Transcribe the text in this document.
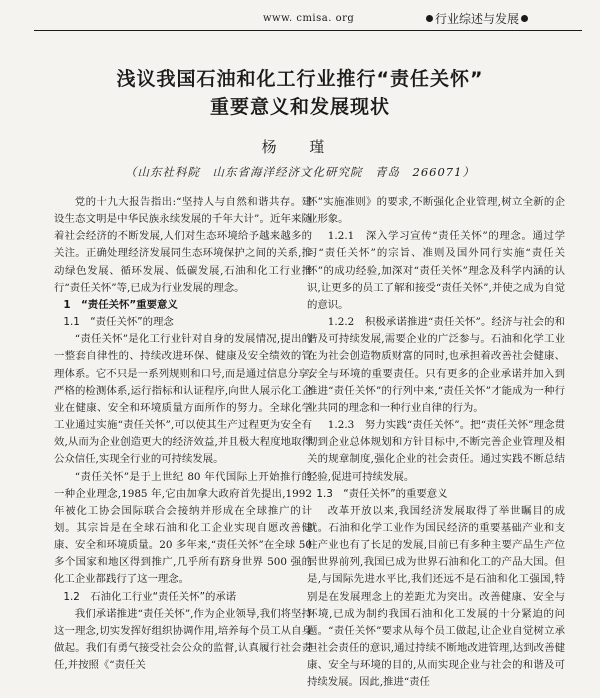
www. cmisa. org	行业综述与发展
浅议我国石油和化工行业推行“责任关怀”
重要意义和发展现状
杨 瑾
（山东社科院　山东省海洋经济文化研究院　青岛　266071）

党的十九大报告指出:“坚持人与自然和谐共存。建设生态文明是中华民族永续发展的千年大计”。近年来随着社会经济的不断发展,人们对生态环境给予越来越多的关注。正确处理经济发展同生态环境保护之间的关系,推动绿色发展、循环发展、低碳发展,石油和化工行业推行“责任关怀”等,已成为行业发展的理念。

1　“责任关怀”重要意义

1.1　“责任关怀”的理念

“责任关怀”是化工行业针对自身的发展情况,提出的一整套自律性的、持续改进环保、健康及安全绩效的管理体系。它不只是一系列规则和口号,而是通过信息分享,严格的检测体系,运行指标和认证程序,向世人展示化工企业在健康、安全和环境质量方面所作的努力。全球化学工业通过实施“责任关怀”,可以使其生产过程更为安全有效,从而为企业创造更大的经济效益,并且极大程度地取得公众信任,实现全行业的可持续发展。

“责任关怀”是于上世纪 80 年代国际上开始推行的一种企业理念,1985 年,它由加拿大政府首先提出,1992 年被化工协会国际联合会接纳并形成在全球推广的计划。其宗旨是在全球石油和化工企业实现自愿改善健康、安全和环境质量。20 多年来,“责任关怀”在全球 50 多个国家和地区得到推广,几乎所有跻身世界 500 强的化工企业都践行了这一理念。

1.2　石油化工行业“责任关怀”的承诺

我们承诺推进“责任关怀”,作为企业领导,我们将坚持这一理念,切实发挥好组织协调作用,培养每个员工从自身做起。我们有勇气接受社会公众的监督,认真履行社会责任,并按照《“责任关

怀”实施准则》的要求,不断强化企业管理,树立全新的企业形象。

1.2.1　深入学习宣传“责任关怀”的理念。通过学习“责任关怀”的宗旨、准则及国外同行实施“责任关怀”的成功经验,加深对“责任关怀”理念及科学内涵的认识,让更多的员工了解和接受“责任关怀”,并使之成为自觉的意识。

1.2.2　积极承诺推进“责任关怀”。经济与社会的和谐及可持续发展,需要企业的广泛参与。石油和化学工业在为社会创造物质财富的同时,也承担着改善社会健康、安全与环境的重要责任。只有更多的企业承诺并加入到推进“责任关怀”的行列中来,“责任关怀”才能成为一种行业共同的理念和一种行业自律的行为。

1.2.3　努力实践“责任关怀”。把“责任关怀”理念贯彻到企业总体规划和方针目标中,不断完善企业管理及相关的规章制度,强化企业的社会责任。通过实践不断总结经验,促进可持续发展。

1.3　“责任关怀”的重要意义

改革开放以来,我国经济发展取得了举世瞩目的成就。石油和化学工业作为国民经济的重要基础产业和支柱产业也有了长足的发展,目前已有多种主要产品生产位居世界前列,我国已成为世界石油和化工的产品大国。但是,与国际先进水平比,我们还远不是石油和化工强国,特别是在发展理念上的差距尤为突出。改善健康、安全与环境,已成为制约我国石油和化工发展的十分紧迫的问题。“责任关怀”要求从每个员工做起,让企业自觉树立承担社会责任的意识,通过持续不断地改进管理,达到改善健康、安全与环境的目的,从而实现企业与社会的和谐及可持续发展。因此,推进“责任
